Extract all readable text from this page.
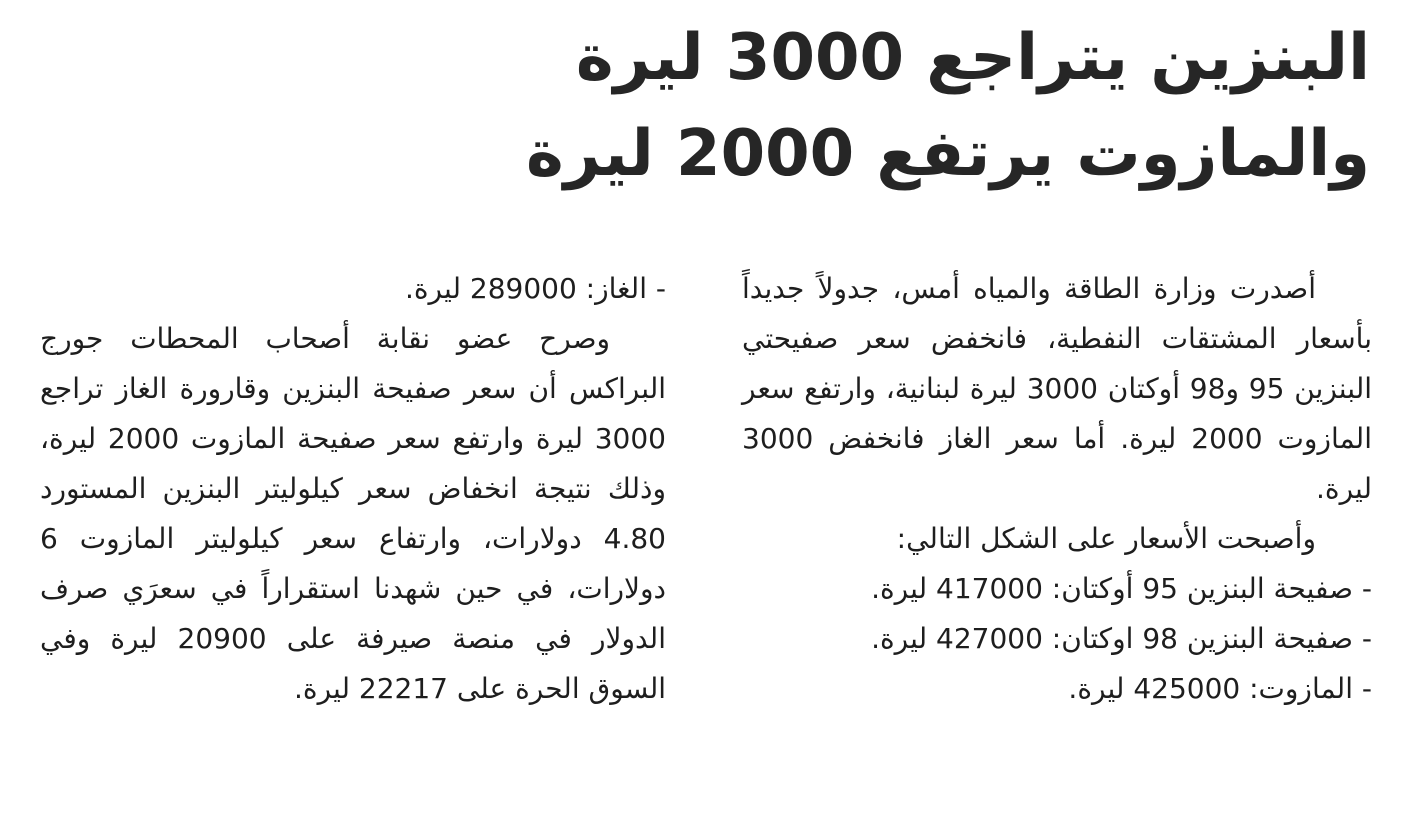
البنزين يتراجع 3000 ليرة
والمازوت يرتفع 2000 ليرة

أصدرت وزارة الطاقة والمياه أمس، جدولاً جديداً بأسعار المشتقات النفطية، فانخفض سعر صفيحتي البنزين 95 و98 أوكتان 3000 ليرة لبنانية، وارتفع سعر المازوت 2000 ليرة. أما سعر الغاز فانخفض 3000 ليرة.

وأصبحت الأسعار على الشكل التالي:

- صفيحة البنزين 95 أوكتان: 417000 ليرة.

- صفيحة البنزين 98 اوكتان: 427000 ليرة.

- المازوت: 425000 ليرة.

- الغاز: 289000 ليرة.

وصرح عضو نقابة أصحاب المحطات جورج البراكس أن سعر صفيحة البنزين وقارورة الغاز تراجع 3000 ليرة وارتفع سعر صفيحة المازوت 2000 ليرة، وذلك نتيجة انخفاض سعر كيلوليتر البنزين المستورد 4.80 دولارات، وارتفاع سعر كيلوليتر المازوت 6 دولارات، في حين شهدنا استقراراً في سعرَي صرف الدولار في منصة صيرفة على 20900 ليرة وفي السوق الحرة على 22217 ليرة.
